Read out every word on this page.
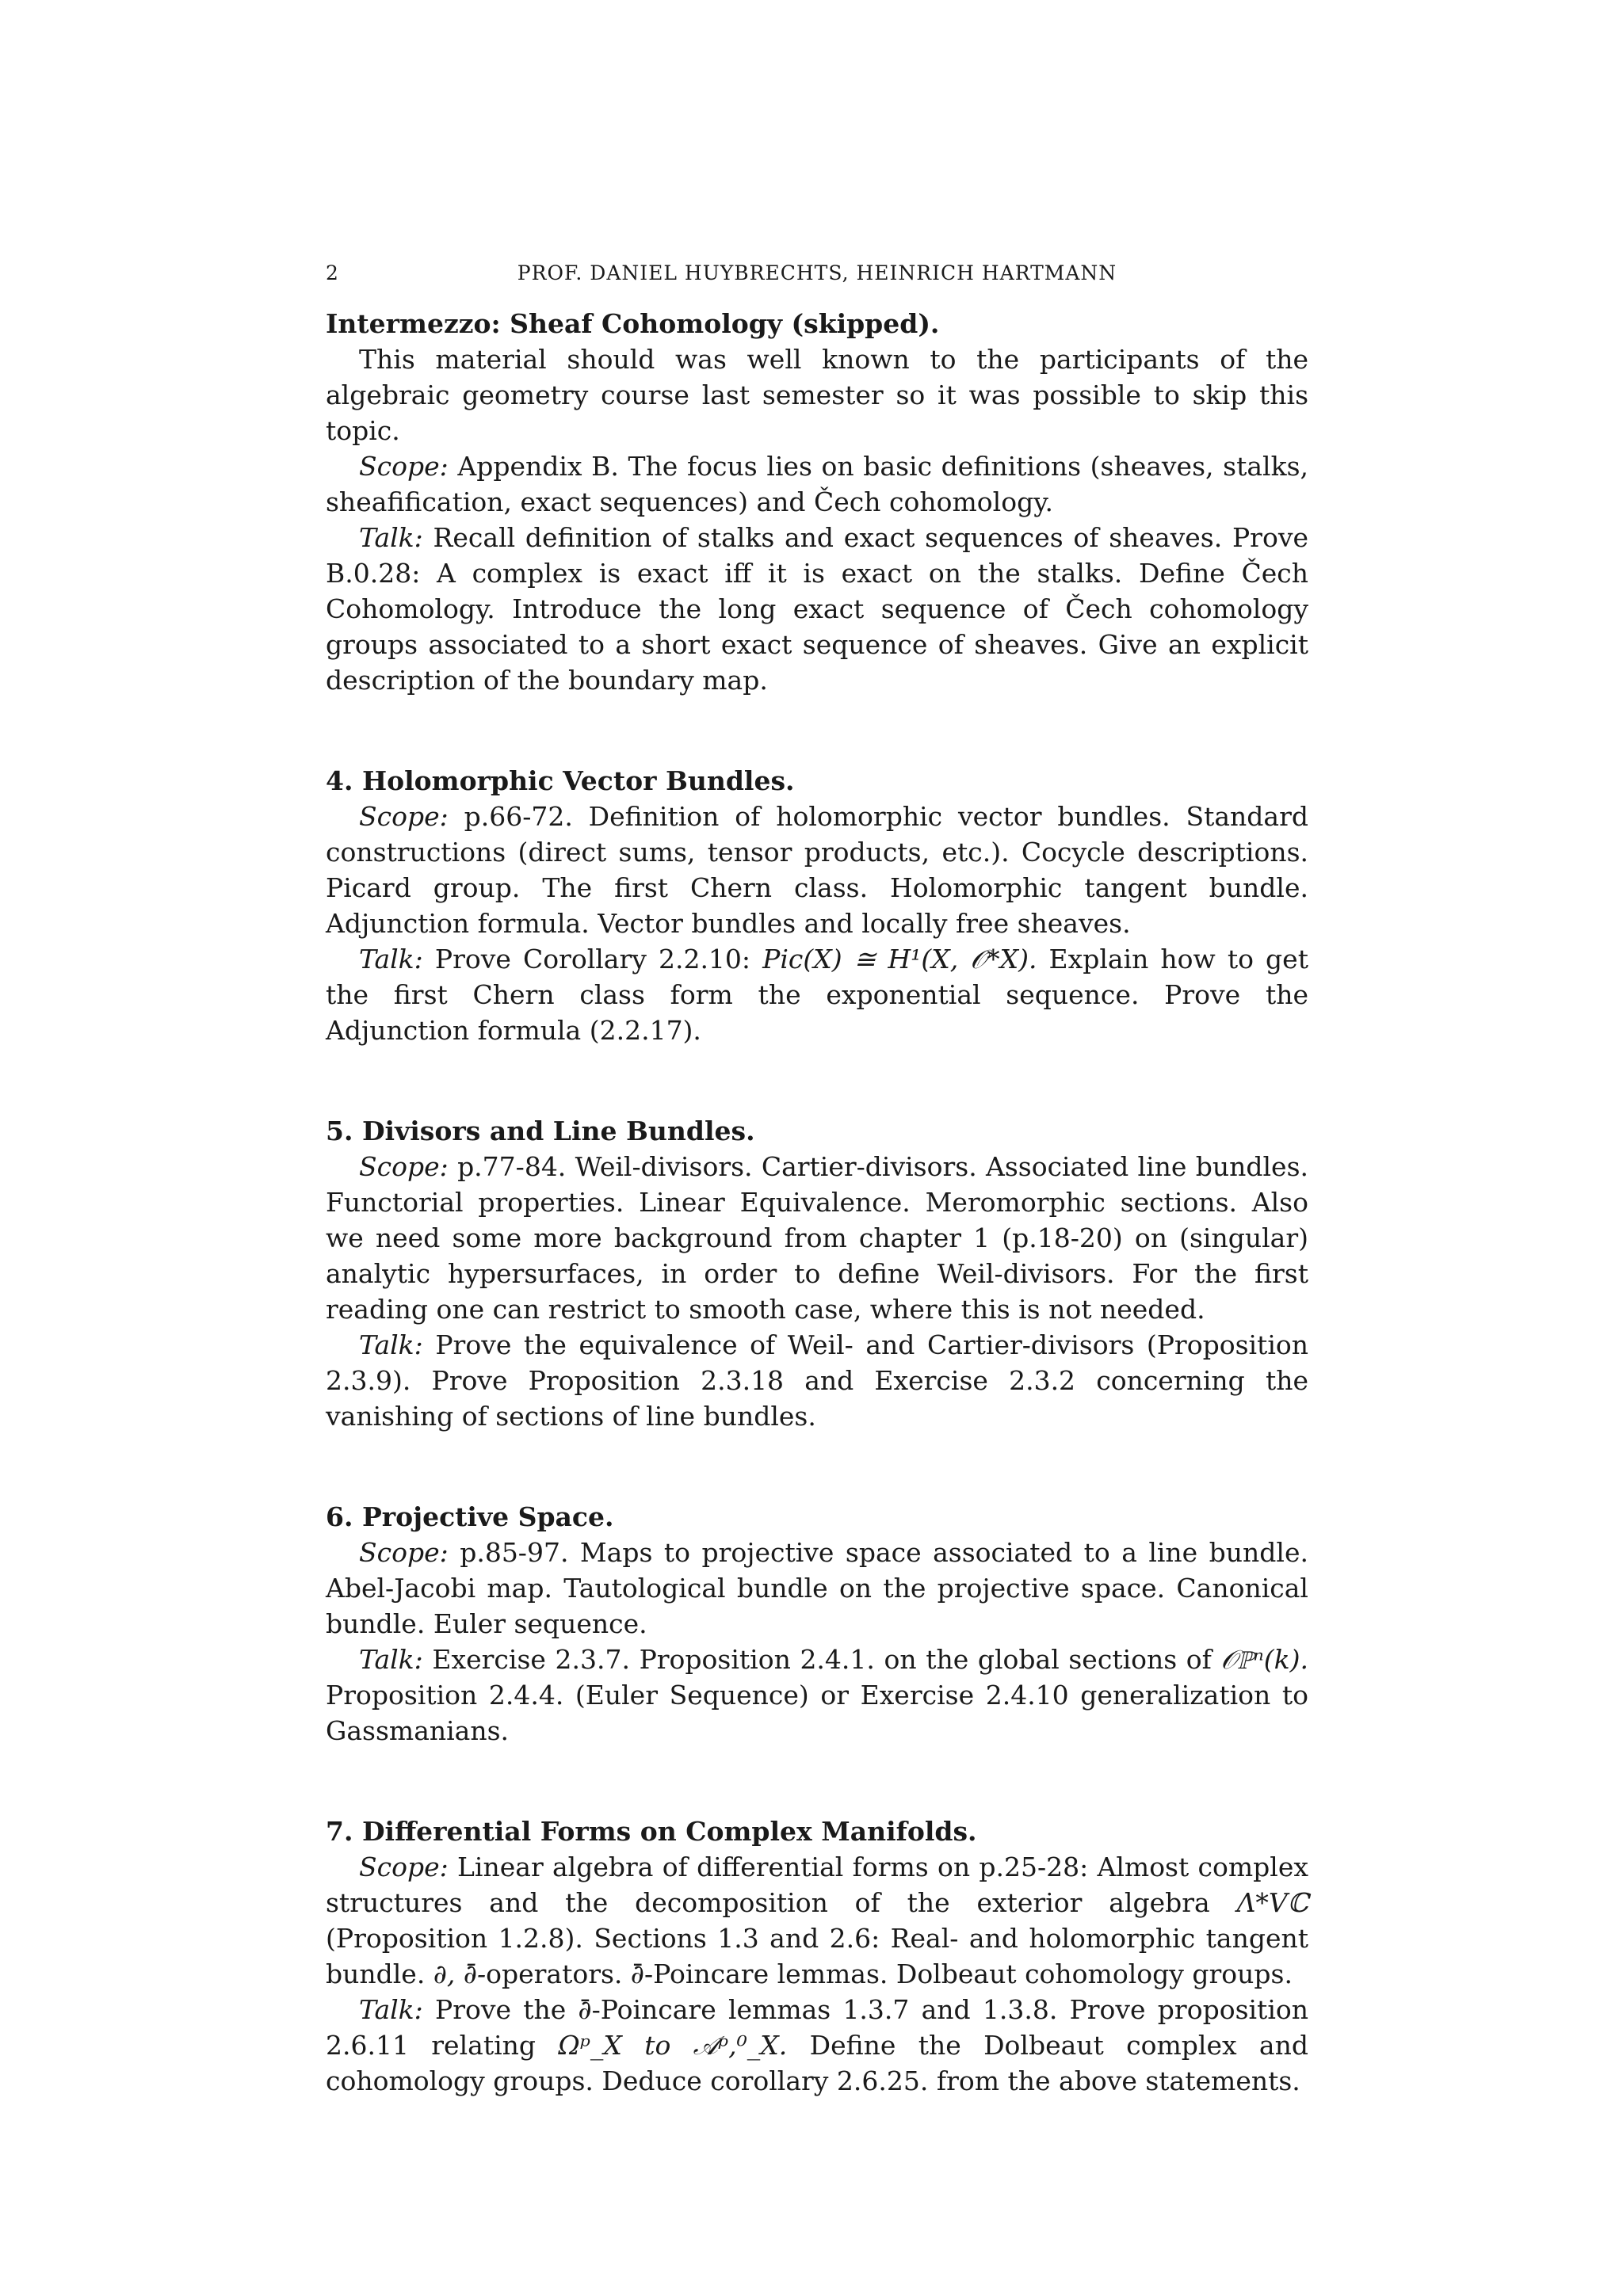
2	PROF. DANIEL HUYBRECHTS, HEINRICH HARTMANN

Intermezzo: Sheaf Cohomology (skipped).

This material should was well known to the participants of the algebraic geometry course last semester so it was possible to skip this topic.

Scope: Appendix B. The focus lies on basic definitions (sheaves, stalks, sheafification, exact sequences) and Čech cohomology.

Talk: Recall definition of stalks and exact sequences of sheaves. Prove B.0.28: A complex is exact iff it is exact on the stalks. Define Čech Cohomology. Introduce the long exact sequence of Čech cohomology groups associated to a short exact sequence of sheaves. Give an explicit description of the boundary map.

4. Holomorphic Vector Bundles.

Scope: p.66-72. Definition of holomorphic vector bundles. Standard constructions (direct sums, tensor products, etc.). Cocycle descriptions. Picard group. The first Chern class. Holomorphic tangent bundle. Adjunction formula. Vector bundles and locally free sheaves.

Talk: Prove Corollary 2.2.10: Pic(X) ≅ H¹(X, 𝒪*X). Explain how to get the first Chern class form the exponential sequence. Prove the Adjunction formula (2.2.17).

5. Divisors and Line Bundles.

Scope: p.77-84. Weil-divisors. Cartier-divisors. Associated line bundles. Functorial properties. Linear Equivalence. Meromorphic sections. Also we need some more background from chapter 1 (p.18-20) on (singular) analytic hypersurfaces, in order to define Weil-divisors. For the first reading one can restrict to smooth case, where this is not needed.

Talk: Prove the equivalence of Weil- and Cartier-divisors (Proposition 2.3.9). Prove Proposition 2.3.18 and Exercise 2.3.2 concerning the vanishing of sections of line bundles.

6. Projective Space.

Scope: p.85-97. Maps to projective space associated to a line bundle. Abel-Jacobi map. Tautological bundle on the projective space. Canonical bundle. Euler sequence.

Talk: Exercise 2.3.7. Proposition 2.4.1. on the global sections of 𝒪ℙⁿ(k). Proposition 2.4.4. (Euler Sequence) or Exercise 2.4.10 generalization to Gassmanians.

7. Differential Forms on Complex Manifolds.

Scope: Linear algebra of differential forms on p.25-28: Almost complex structures and the decomposition of the exterior algebra Λ*Vℂ (Proposition 1.2.8). Sections 1.3 and 2.6: Real- and holomorphic tangent bundle. ∂, ∂̄-operators. ∂̄-Poincare lemmas. Dolbeaut cohomology groups.

Talk: Prove the ∂̄-Poincare lemmas 1.3.7 and 1.3.8. Prove proposition 2.6.11 relating Ωᵖ_X to 𝒜ᵖ,⁰_X. Define the Dolbeaut complex and cohomology groups. Deduce corollary 2.6.25. from the above statements.
